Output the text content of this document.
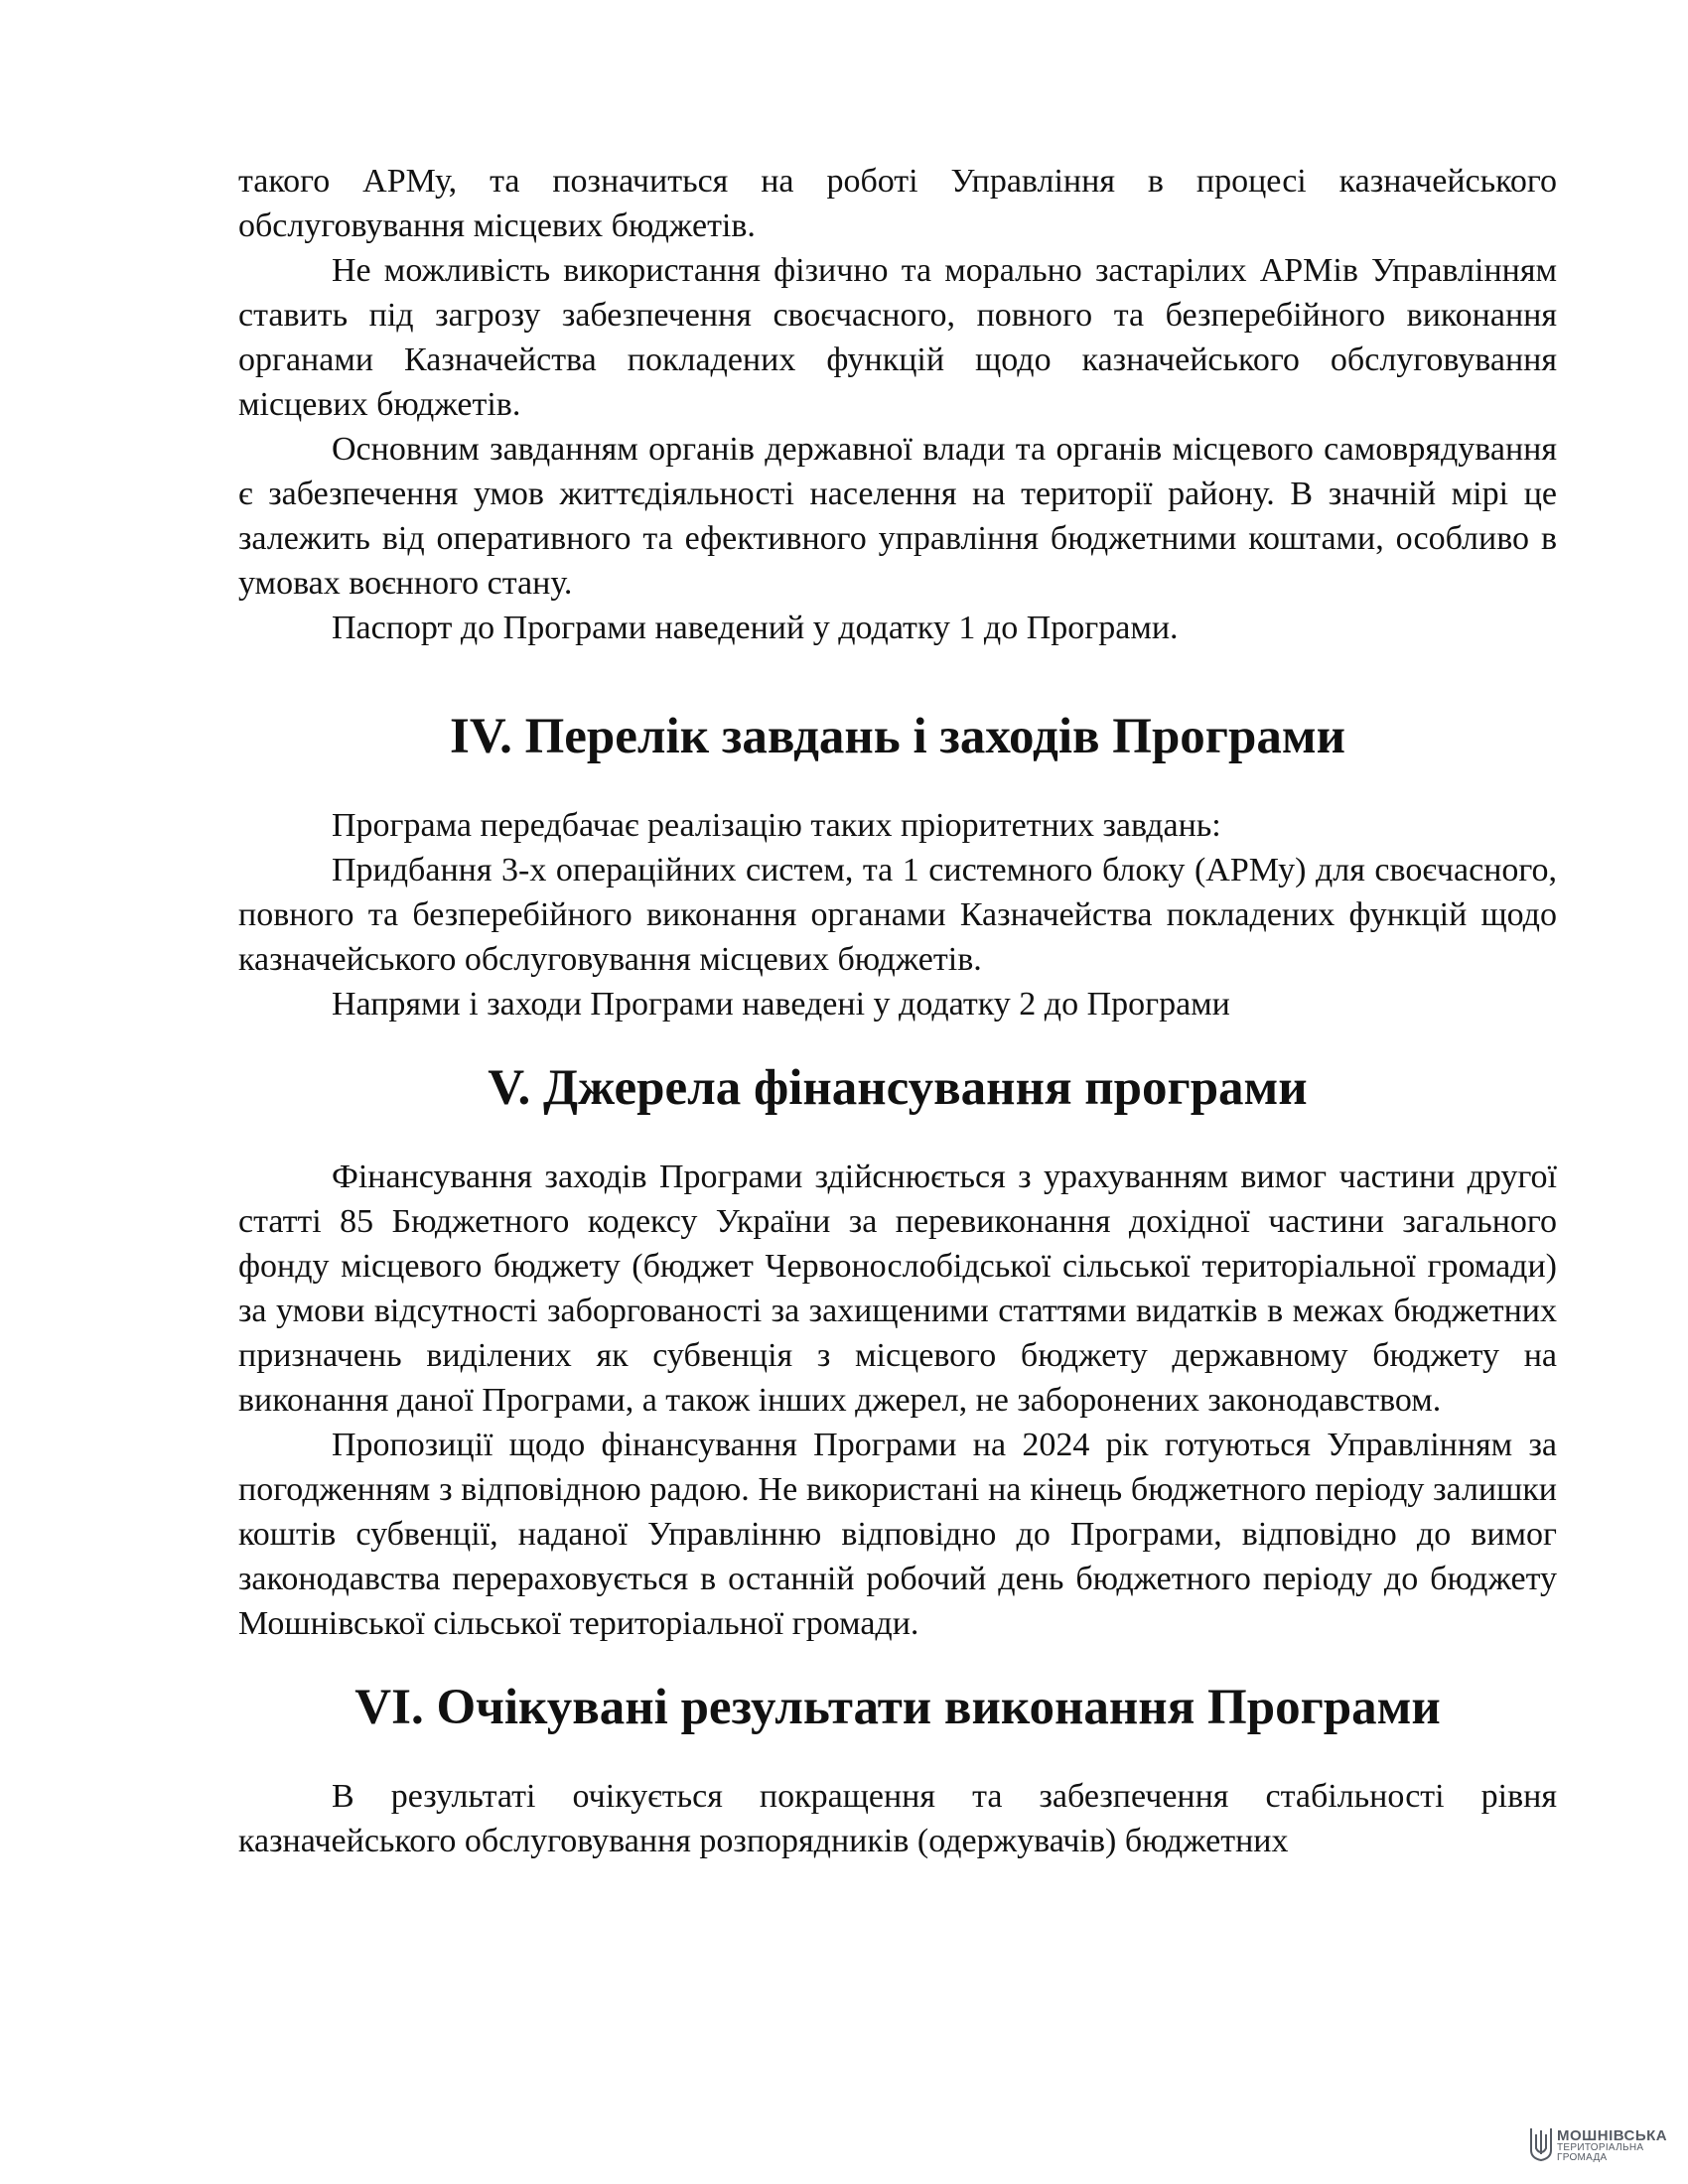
такого АРМу, та позначиться на роботі Управління в процесі казначейського обслуговування місцевих бюджетів.

Не можливість використання фізично та морально застарілих АРМів Управлінням ставить під загрозу забезпечення своєчасного, повного та безперебійного виконання органами Казначейства покладених функцій щодо казначейського обслуговування місцевих бюджетів.

Основним завданням органів державної влади та органів місцевого самоврядування є забезпечення умов життєдіяльності населення на території району. В значній мірі це залежить від оперативного та ефективного управління бюджетними коштами, особливо в умовах воєнного стану.

Паспорт до Програми наведений у додатку 1 до Програми.

IV. Перелік завдань і заходів Програми

Програма передбачає реалізацію таких пріоритетних завдань:

Придбання 3-х операційних систем, та 1 системного блоку (АРМу) для своєчасного, повного та безперебійного виконання органами Казначейства покладених функцій щодо казначейського обслуговування місцевих бюджетів.

Напрями і заходи Програми наведені у додатку 2 до Програми

V. Джерела фінансування програми

Фінансування заходів Програми здійснюється з урахуванням вимог частини другої статті 85 Бюджетного кодексу України за перевиконання дохідної частини загального фонду місцевого бюджету (бюджет Червонослобідської сільської територіальної громади) за умови відсутності заборгованості за захищеними статтями видатків в межах бюджетних призначень виділених як субвенція з місцевого бюджету державному бюджету на виконання даної Програми, а також інших джерел, не заборонених законодавством.

Пропозиції щодо фінансування Програми на 2024 рік готуються Управлінням за погодженням з відповідною радою. Не використані на кінець бюджетного періоду залишки коштів субвенції, наданої Управлінню відповідно до Програми, відповідно до вимог законодавства перераховується в останній робочий день бюджетного періоду до бюджету Мошнівської сільської територіальної громади.

VI. Очікувані результати виконання Програми

В результаті очікується покращення та забезпечення стабільності рівня казначейського обслуговування розпорядників (одержувачів) бюджетних

МОШНІВСЬКА
ТЕРИТОРІАЛЬНА
ГРОМАДА
